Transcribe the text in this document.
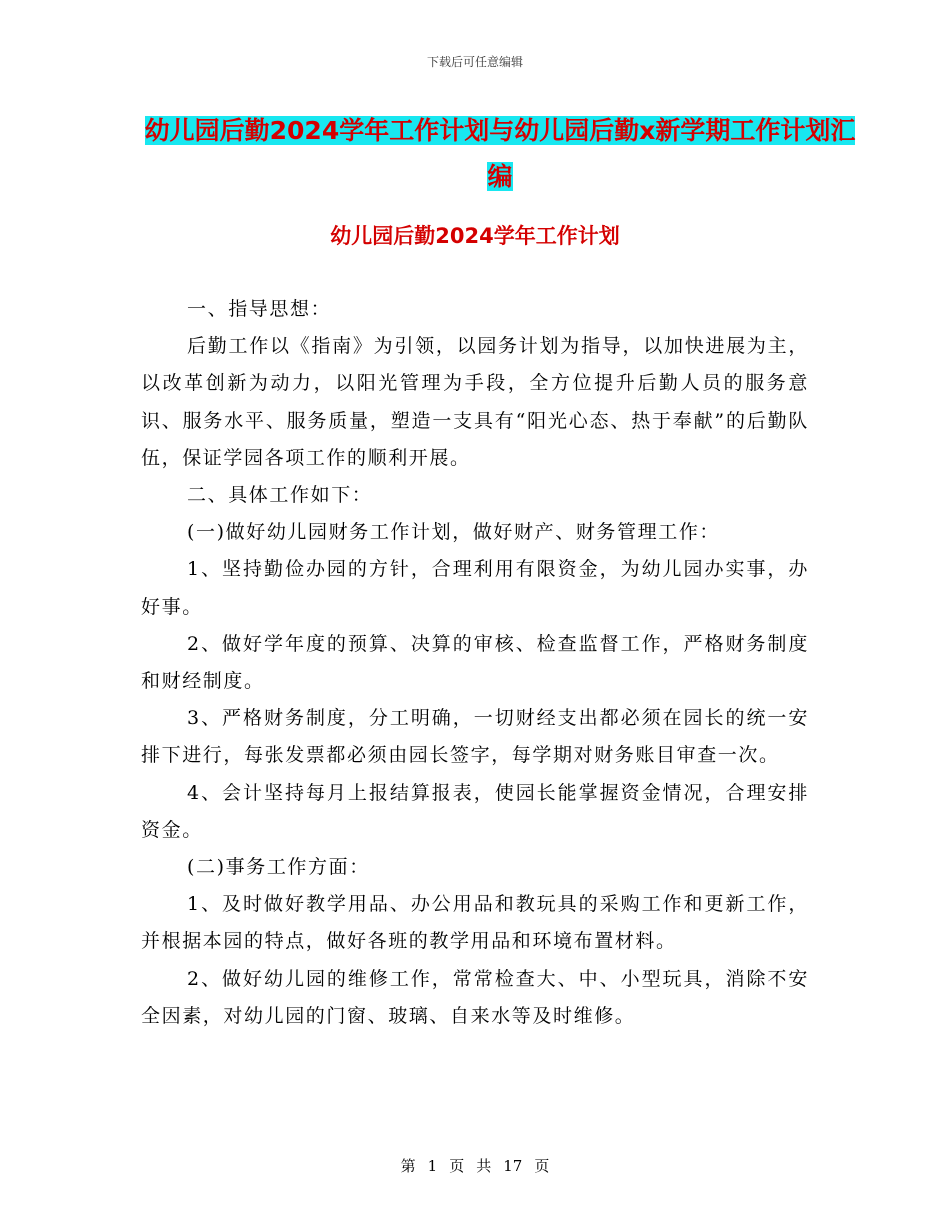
下载后可任意编辑
幼儿园后勤2024学年工作计划与幼儿园后勤x新学期工作计划汇编
幼儿园后勤2024学年工作计划

一、指导思想：

后勤工作以《指南》为引领，以园务计划为指导，以加快进展为主，以改革创新为动力，以阳光管理为手段，全方位提升后勤人员的服务意识、服务水平、服务质量，塑造一支具有“阳光心态、热于奉献”的后勤队伍，保证学园各项工作的顺利开展。

二、具体工作如下：

(一)做好幼儿园财务工作计划，做好财产、财务管理工作：

1、坚持勤俭办园的方针，合理利用有限资金，为幼儿园办实事，办好事。

2、做好学年度的预算、决算的审核、检查监督工作，严格财务制度和财经制度。

3、严格财务制度，分工明确，一切财经支出都必须在园长的统一安排下进行，每张发票都必须由园长签字，每学期对财务账目审查一次。

4、会计坚持每月上报结算报表，使园长能掌握资金情况，合理安排资金。

(二)事务工作方面：

1、及时做好教学用品、办公用品和教玩具的采购工作和更新工作，并根据本园的特点，做好各班的教学用品和环境布置材料。

2、做好幼儿园的维修工作，常常检查大、中、小型玩具，消除不安全因素，对幼儿园的门窗、玻璃、自来水等及时维修。

第 1 页 共 17 页
